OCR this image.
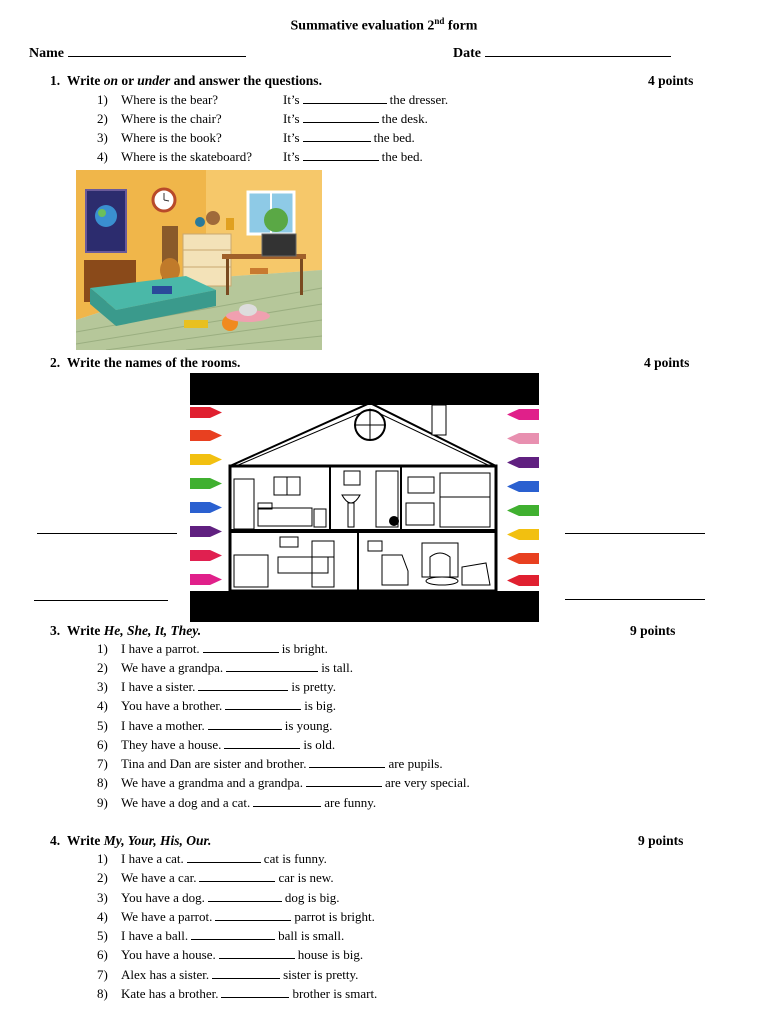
Summative evaluation 2nd form
Name	Date
1. Write on or under and answer the questions.	4 points
1) Where is the bear?	It’s	the dresser.
2) Where is the chair?	It’s	the desk.
3) Where is the book?	It’s	the bed.
4) Where is the skateboard? It’s	the bed.
2. Write the names of the rooms.	4 points
3. Write He, She, It, They.	9 points
1) I have a parrot.	is bright.
2) We have a grandpa.	is tall.
3) I have a sister.	is pretty.
4) You have a brother.	is big.
5) I have a mother.	is young.
6) They have a house.	is old.
7) Tina and Dan are sister and brother.	are pupils.
8) We have a grandma and a grandpa.	are very special.
9) We have a dog and a cat.	are funny.
4. Write My, Your, His, Our.	9 points
1) I have a cat.	cat is funny.
2) We have a car.	car is new.
3) You have a dog.	dog is big.
4) We have a parrot.	parrot is bright.
5) I have a ball.	ball is small.
6) You have a house.	house is big.
7) Alex has a sister.	sister is pretty.
8) Kate has a brother.	brother is smart.
